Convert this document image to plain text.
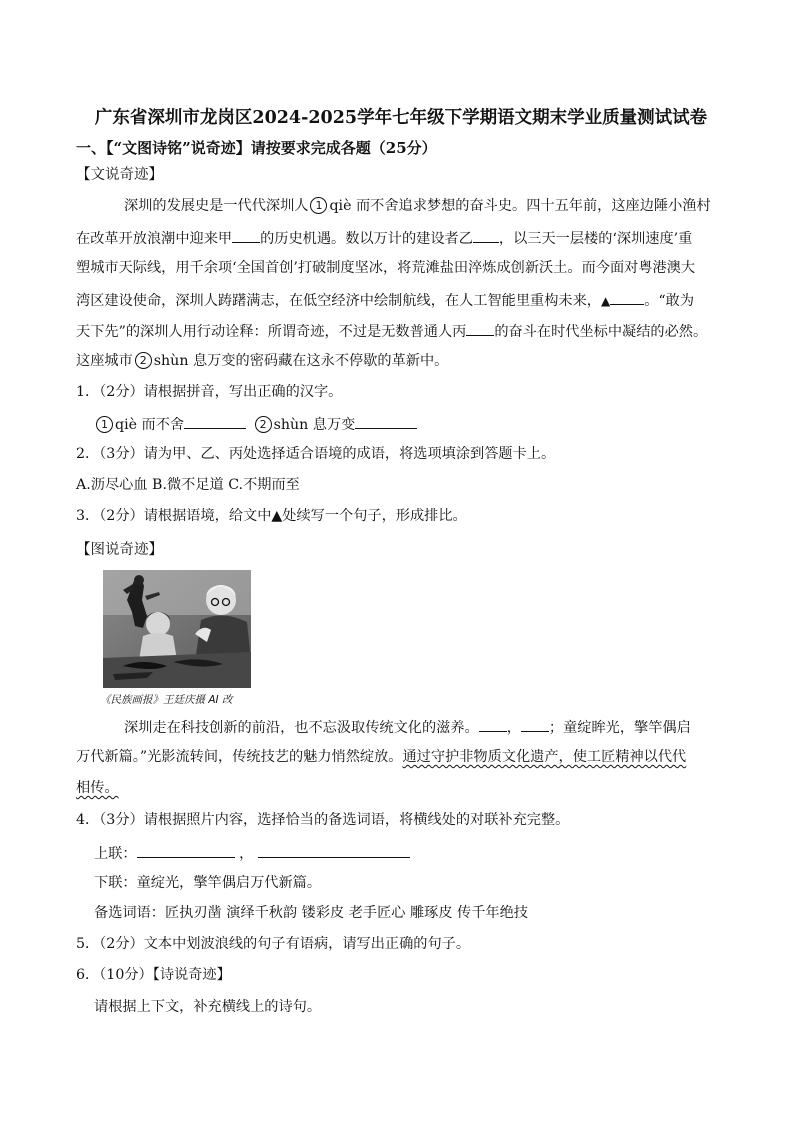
广东省深圳市龙岗区2024-2025学年七年级下学期语文期末学业质量测试试卷
一、【“文图诗铭”说奇迹】请按要求完成各题（25分）
【文说奇迹】
深圳的发展史是一代代深圳人 1 qiè 而不舍追求梦想的奋斗史。四十五年前，这座边陲小渔村
在改革开放浪潮中迎来甲 的历史机遇。数以万计的建设者乙 ，以三天一层楼的‘深圳速度’重
塑城市天际线，用千余项‘全国首创’打破制度坚冰，将荒滩盐田淬炼成创新沃土。而今面对粤港澳大
湾区建设使命，深圳人踌躇满志，在低空经济中绘制航线，在人工智能里重构未来，▲ 。“敢为
天下先”的深圳人用行动诠释：所谓奇迹，不过是无数普通人丙 的奋斗在时代坐标中凝结的必然。
这座城市 2 shùn 息万变的密码藏在这永不停歇的革新中。
1．（2分）请根据拼音，写出正确的汉字。
1 qiè 而不舍	2 shùn 息万变
2．（3分）请为甲、乙、丙处选择适合语境的成语，将选项填涂到答题卡上。
A.沥尽心血 B.微不足道 C.不期而至
3．（2分）请根据语境，给文中▲处续写一个句子，形成排比。
【图说奇迹】
《民族画报》王廷庆摄 AI 改
深圳走在科技创新的前沿，也不忘汲取传统文化的滋养。 ， ；童绽眸光，擎竿偶启
万代新篇。”光影流转间，传统技艺的魅力悄然绽放。通过守护非物质文化遗产，使工匠精神以代代
相传。
4．（3分）请根据照片内容，选择恰当的备选词语，将横线处的对联补充完整。
上联：	，
下联：童绽光，擎竿偶启万代新篇。
备选词语：匠执刃凿 演绎千秋韵 镂彩皮 老手匠心 雕琢皮 传千年绝技
5．（2分）文本中划波浪线的句子有语病，请写出正确的句子。
6．（10分）【诗说奇迹】
请根据上下文，补充横线上的诗句。
